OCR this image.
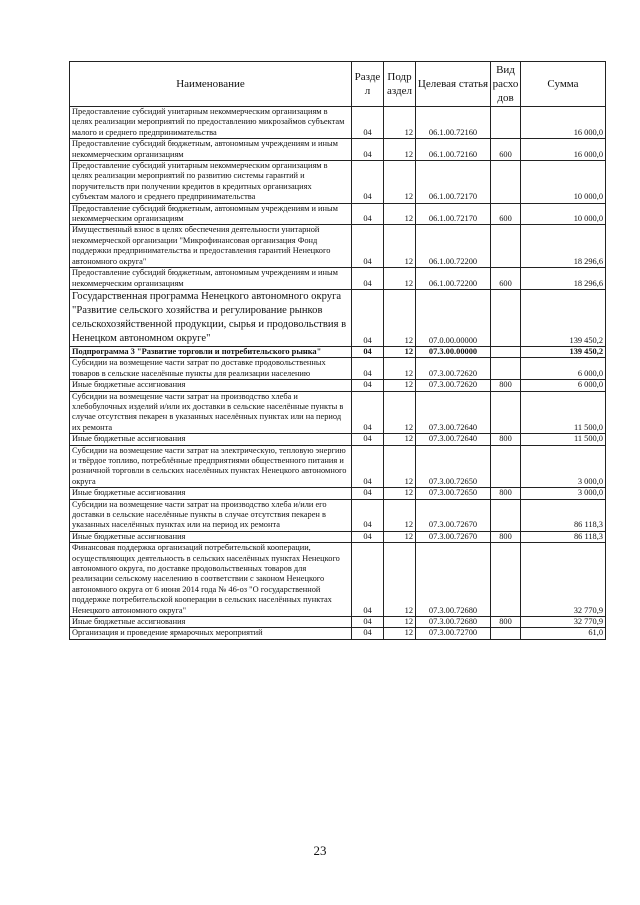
Наименование	Разде л	Подр аздел	Целевая статья	Вид расхо дов	Сумма
Предоставление субсидий унитарным некоммерческим организациям в целях реализации мероприятий по предоставлению микрозаймов субъектам малого и среднего предпринимательства	04	12	06.1.00.72160		16 000,0
Предоставление субсидий бюджетным, автономным учреждениям и иным некоммерческим организациям	04	12	06.1.00.72160	600	16 000,0
Предоставление субсидий унитарным некоммерческим организациям в целях реализации мероприятий по развитию системы гарантий и поручительств при получении кредитов в кредитных организациях субъектам малого и среднего предпринимательства	04	12	06.1.00.72170		10 000,0
Предоставление субсидий бюджетным, автономным учреждениям и иным некоммерческим организациям	04	12	06.1.00.72170	600	10 000,0
Имущественный взнос в целях обеспечения деятельности унитарной некоммерческой организации "Микрофинансовая организация Фонд поддержки предпринимательства и предоставления гарантий Ненецкого автономного округа"	04	12	06.1.00.72200		18 296,6
Предоставление субсидий бюджетным, автономным учреждениям и иным некоммерческим организациям	04	12	06.1.00.72200	600	18 296,6
Государственная программа Ненецкого автономного округа "Развитие сельского хозяйства и регулирование рынков сельскохозяйственной продукции, сырья и продовольствия в Ненецком автономном округе"	04	12	07.0.00.00000		139 450,2
Подпрограмма 3 "Развитие торговли и потребительского рынка"	04	12	07.3.00.00000		139 450,2
Субсидии на возмещение части затрат по доставке продовольственных товаров в сельские населённые пункты для реализации населению	04	12	07.3.00.72620		6 000,0
Иные бюджетные ассигнования	04	12	07.3.00.72620	800	6 000,0
Субсидии на возмещение части затрат на производство хлеба и хлебобулочных изделий и/или их доставки в сельские населённые пункты в случае отсутствия пекарен в указанных населённых пунктах или на период их ремонта	04	12	07.3.00.72640		11 500,0
Иные бюджетные ассигнования	04	12	07.3.00.72640	800	11 500,0
Субсидии на возмещение части затрат на электрическую, тепловую энергию и твёрдое топливо, потреблённые предприятиями общественного питания и розничной торговли в сельских населённых пунктах Ненецкого автономного округа	04	12	07.3.00.72650		3 000,0
Иные бюджетные ассигнования	04	12	07.3.00.72650	800	3 000,0
Субсидии на возмещение части затрат на производство хлеба и/или его доставки в сельские населённые пункты в случае отсутствия пекарен в указанных населённых пунктах или на период их ремонта	04	12	07.3.00.72670		86 118,3
Иные бюджетные ассигнования	04	12	07.3.00.72670	800	86 118,3
Финансовая поддержка организаций потребительской кооперации, осуществляющих деятельность в сельских населённых пунктах Ненецкого автономного округа, по доставке продовольственных товаров для реализации сельскому населению в соответствии с законом Ненецкого автономного округа от 6 июня 2014 года № 46-оз "О государственной поддержке потребительской кооперации в сельских населённых пунктах Ненецкого автономного округа"	04	12	07.3.00.72680		32 770,9
Иные бюджетные ассигнования	04	12	07.3.00.72680	800	32 770,9
Организация и проведение ярмарочных мероприятий	04	12	07.3.00.72700		61,0
23
